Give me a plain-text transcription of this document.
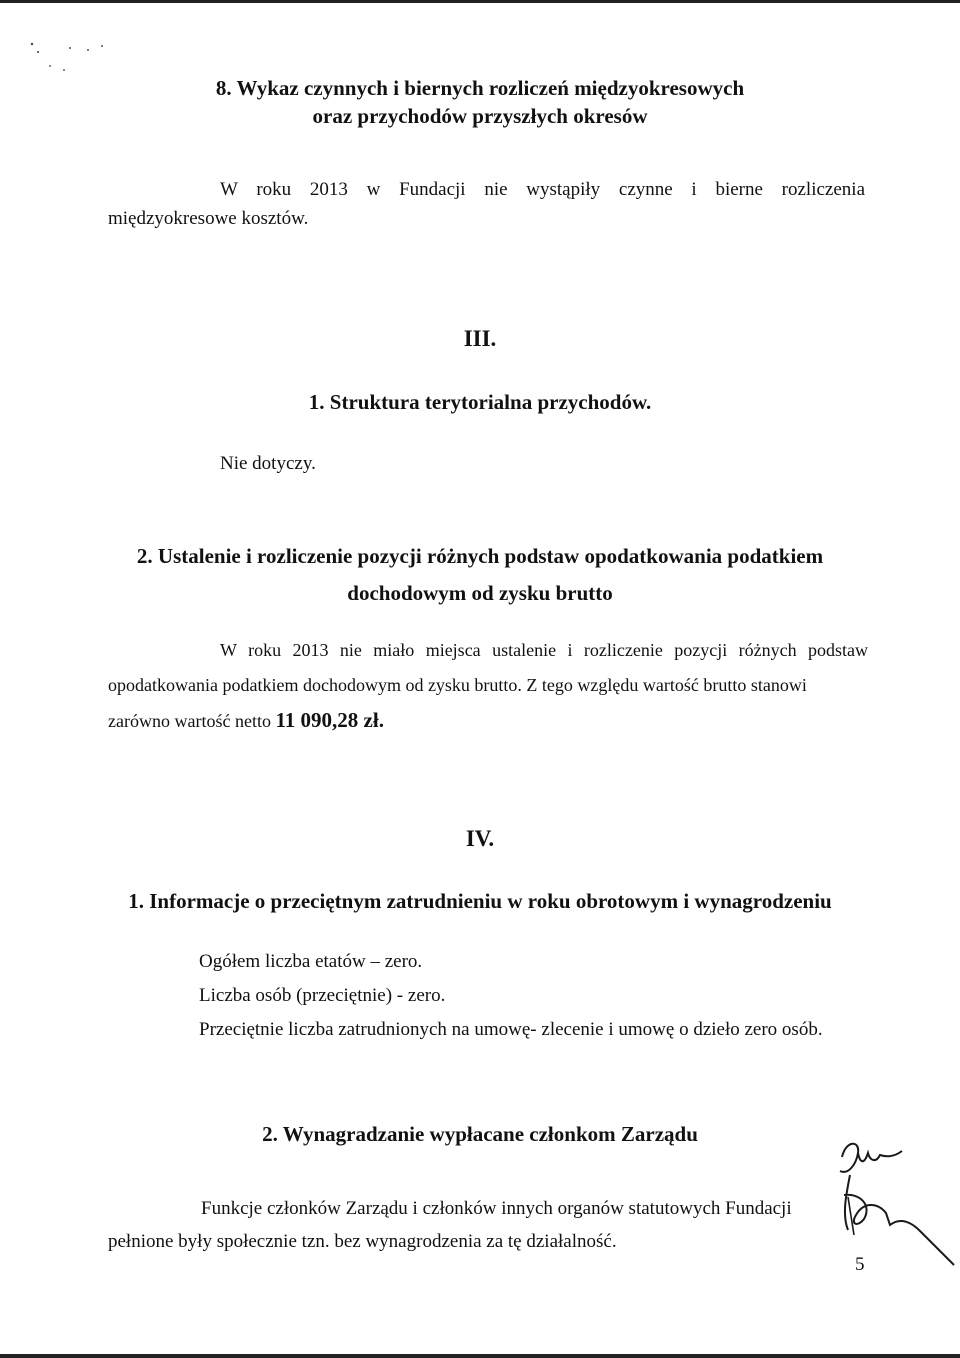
8. Wykaz czynnych i biernych rozliczeń międzyokresowych
oraz przychodów przyszłych okresów
W roku 2013 w Fundacji nie wystąpiły czynne i bierne rozliczenia
międzyokresowe kosztów.
III.
1. Struktura terytorialna przychodów.
Nie dotyczy.
2. Ustalenie i rozliczenie pozycji różnych podstaw opodatkowania podatkiem
dochodowym od zysku brutto
W roku 2013 nie miało miejsca ustalenie i rozliczenie pozycji różnych podstaw
opodatkowania podatkiem dochodowym od zysku brutto. Z tego względu wartość brutto stanowi
zarówno wartość netto 11 090,28 zł.
IV.
1. Informacje o przeciętnym zatrudnieniu w roku obrotowym i wynagrodzeniu
Ogółem liczba etatów – zero.
Liczba osób (przeciętnie) - zero.
Przeciętnie liczba zatrudnionych na umowę- zlecenie i umowę o dzieło zero osób.
2. Wynagradzanie wypłacane członkom Zarządu
Funkcje członków Zarządu i członków innych organów statutowych Fundacji
pełnione były społecznie tzn. bez wynagrodzenia za tę działalność.
5
